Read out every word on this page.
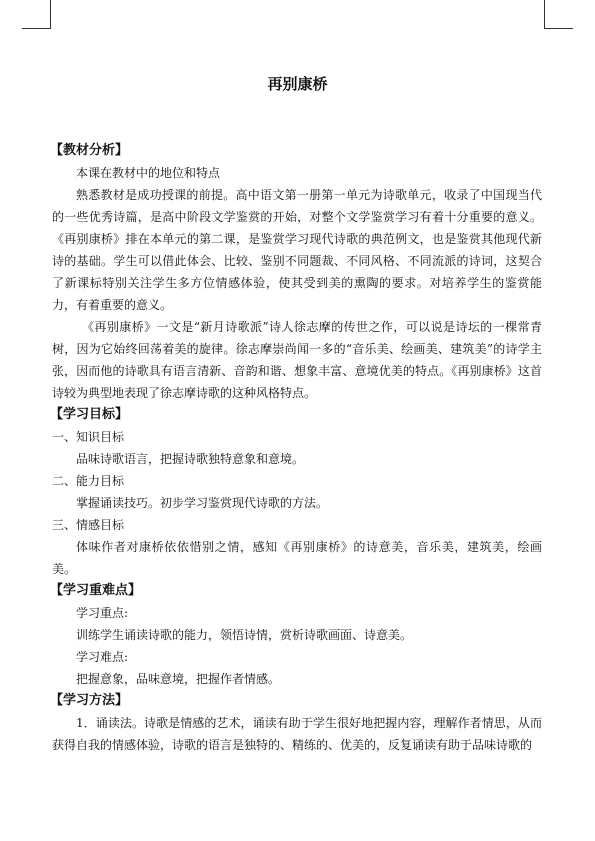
再别康桥

【教材分析】

本课在教材中的地位和特点

熟悉教材是成功授课的前提。高中语文第一册第一单元为诗歌单元，收录了中国现当代的一些优秀诗篇，是高中阶段文学鉴赏的开始，对整个文学鉴赏学习有着十分重要的意义。《再别康桥》排在本单元的第二课，是鉴赏学习现代诗歌的典范例文，也是鉴赏其他现代新诗的基础。学生可以借此体会、比较、鉴别不同题裁、不同风格、不同流派的诗词，这契合了新课标特别关注学生多方位情感体验，使其受到美的熏陶的要求。对培养学生的鉴赏能力，有着重要的意义。

《再别康桥》一文是“新月诗歌派”诗人徐志摩的传世之作，可以说是诗坛的一棵常青树，因为它始终回荡着美的旋律。徐志摩崇尚闻一多的“音乐美、绘画美、建筑美”的诗学主张，因而他的诗歌具有语言清新、音韵和谐、想象丰富、意境优美的特点。《再别康桥》这首诗较为典型地表现了徐志摩诗歌的这种风格特点。

【学习目标】

一、知识目标

品味诗歌语言，把握诗歌独特意象和意境。

二、能力目标

掌握诵读技巧。初步学习鉴赏现代诗歌的方法。

三、情感目标

体味作者对康桥依依惜别之情，感知《再别康桥》的诗意美，音乐美，建筑美，绘画美。

【学习重难点】

学习重点:

训练学生诵读诗歌的能力，领悟诗情，赏析诗歌画面、诗意美。

学习难点:

把握意象，品味意境，把握作者情感。

【学习方法】

1．诵读法。诗歌是情感的艺术，诵读有助于学生很好地把握内容，理解作者情思，从而获得自我的情感体验，诗歌的语言是独特的、精练的、优美的，反复诵读有助于品味诗歌的
